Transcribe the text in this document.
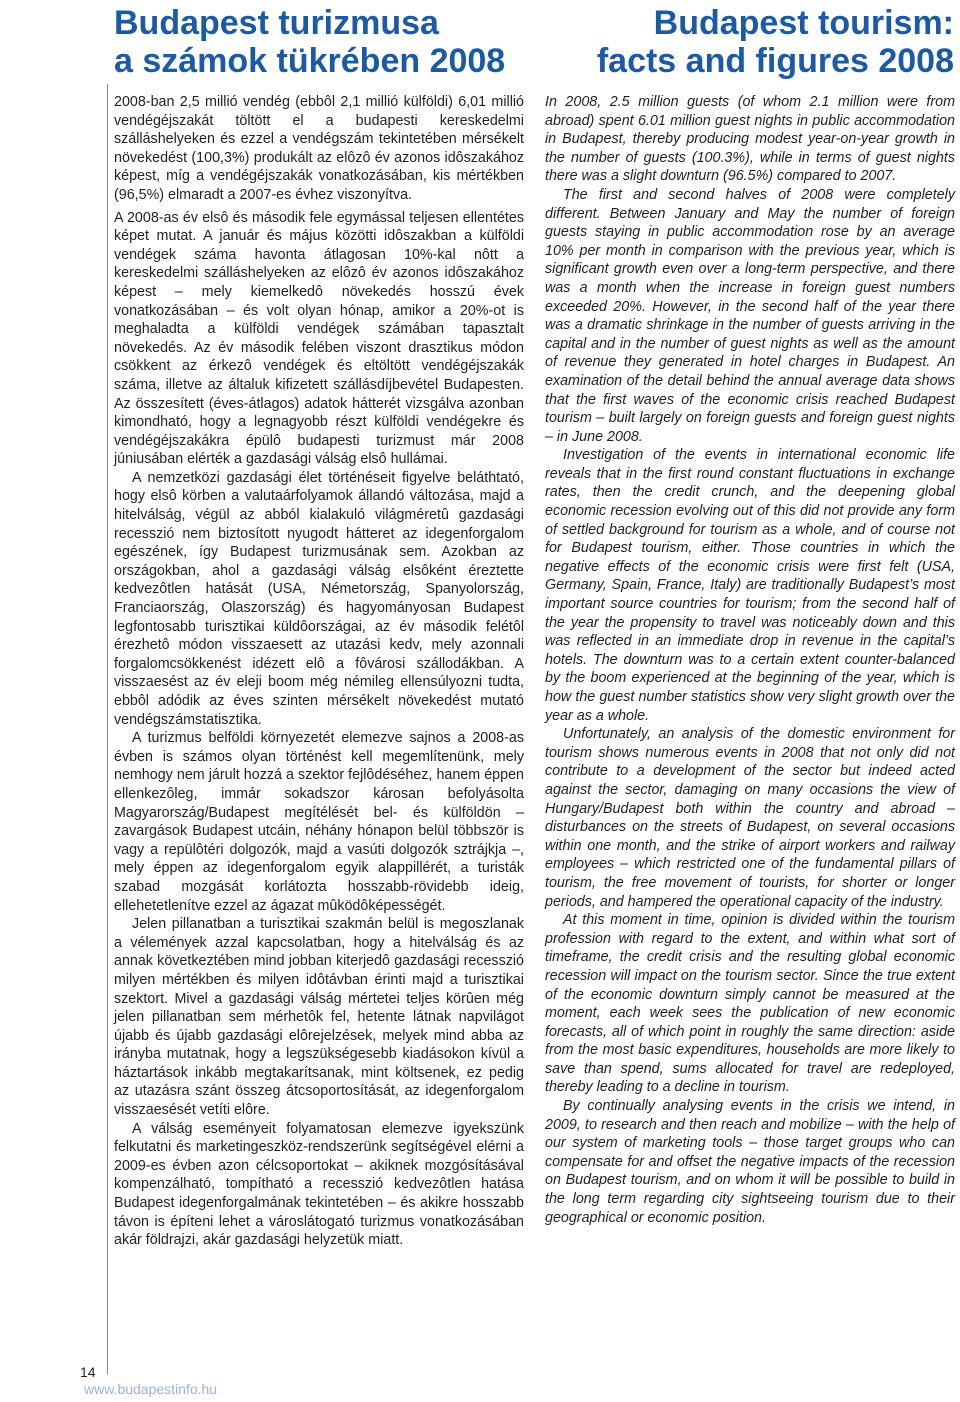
14
www.budapestinfo.hu
Budapest turizmusa
a számok tükrében 2008
Budapest tourism:
facts and figures 2008

2008-ban 2,5 millió vendég (ebbôl 2,1 millió külföldi) 6,01 millió vendégéjszakát töltött el a budapesti kereskedelmi szálláshelyeken és ezzel a vendégszám tekintetében mérsékelt növekedést (100,3%) produkált az elôzô év azonos idôszakához képest, míg a vendégéjszakák vonatkozásában, kis mértékben (96,5%) elmaradt a 2007-es évhez viszonyítva.

A 2008-as év elsô és második fele egymással teljesen ellentétes képet mutat. A január és május közötti idôszakban a külföldi vendégek száma havonta átlagosan 10%-kal nôtt a kereskedelmi szálláshelyeken az elôzô év azonos idôszakához képest – mely kiemelkedô növekedés hosszú évek vonatkozásában – és volt olyan hónap, amikor a 20%-ot is meghaladta a külföldi vendégek számában tapasztalt növekedés. Az év második felében viszont drasztikus módon csökkent az érkezô vendégek és eltöltött vendégéjszakák száma, illetve az általuk kifizetett szállásdíjbevétel Budapesten. Az összesített (éves-átlagos) adatok hátterét vizsgálva azonban kimondható, hogy a legnagyobb részt külföldi vendégekre és vendégéjszakákra épülô budapesti turizmust már 2008 júniusában elérték a gazdasági válság elsô hullámai.

A nemzetközi gazdasági élet történéseit figyelve beláthtató, hogy elsô körben a valutaárfolyamok állandó változása, majd a hitelválság, végül az abból kialakuló világméretû gazdasági recesszió nem biztosított nyugodt hátteret az idegenforgalom egészének, így Budapest turizmusának sem. Azokban az országokban, ahol a gazdasági válság elsôként éreztette kedvezôtlen hatását (USA, Németország, Spanyolország, Franciaország, Olaszország) és hagyományosan Budapest legfontosabb turisztikai küldôországai, az év második felétôl érezhetô módon visszaesett az utazási kedv, mely azonnali forgalomcsökkenést idézett elô a fôvárosi szállodákban. A visszaesést az év eleji boom még némileg ellensúlyozni tudta, ebbôl adódik az éves szinten mérsékelt növekedést mutató vendégszámstatisztika.

A turizmus belföldi környezetét elemezve sajnos a 2008-as évben is számos olyan történést kell megemlítenünk, mely nemhogy nem járult hozzá a szektor fejlôdéséhez, hanem éppen ellenkezôleg, immár sokadszor károsan befolyásolta Magyarország/Budapest megítélését bel- és külföldön – zavargások Budapest utcáin, néhány hónapon belül többször is vagy a repülôtéri dolgozók, majd a vasúti dolgozók sztrájkja –, mely éppen az idegenforgalom egyik alappillérét, a turisták szabad mozgását korlátozta hosszabb-rövidebb ideig, ellehetetlenítve ezzel az ágazat mûködôképességét.

Jelen pillanatban a turisztikai szakmán belül is megoszlanak a vélemények azzal kapcsolatban, hogy a hitelválság és az annak következtében mind jobban kiterjedô gazdasági recesszió milyen mértékben és milyen idôtávban érinti majd a turisztikai szektort. Mivel a gazdasági válság mértetei teljes körûen még jelen pillanatban sem mérhetôk fel, hetente látnak napvilágot újabb és újabb gazdasági elôrejelzések, melyek mind abba az irányba mutatnak, hogy a legszükségesebb kiadásokon kívül a háztartások inkább megtakarítsanak, mint költsenek, ez pedig az utazásra szánt összeg átcsoportosítását, az idegenforgalom visszaesését vetíti elôre.

A válság eseményeit folyamatosan elemezve igyekszünk felkutatni és marketingeszköz-rendszerünk segítségével elérni a 2009-es évben azon célcsoportokat – akiknek mozgósításával kompenzálható, tompítható a recesszió kedvezôtlen hatása Budapest idegenforgalmának tekintetében – és akikre hosszabb távon is építeni lehet a városlátogató turizmus vonatkozásában akár földrajzi, akár gazdasági helyzetük miatt.

In 2008, 2.5 million guests (of whom 2.1 million were from abroad) spent 6.01 million guest nights in public accommodation in Budapest, thereby producing modest year-on-year growth in the number of guests (100.3%), while in terms of guest nights there was a slight downturn (96.5%) compared to 2007.

The first and second halves of 2008 were completely different. Between January and May the number of foreign guests staying in public accommodation rose by an average 10% per month in comparison with the previous year, which is significant growth even over a long-term perspective, and there was a month when the increase in foreign guest numbers exceeded 20%. However, in the second half of the year there was a dramatic shrinkage in the number of guests arriving in the capital and in the number of guest nights as well as the amount of revenue they generated in hotel charges in Budapest. An examination of the detail behind the annual average data shows that the first waves of the economic crisis reached Budapest tourism – built largely on foreign guests and foreign guest nights – in June 2008.

Investigation of the events in international economic life reveals that in the first round constant fluctuations in exchange rates, then the credit crunch, and the deepening global economic recession evolving out of this did not provide any form of settled background for tourism as a whole, and of course not for Budapest tourism, either. Those countries in which the negative effects of the economic crisis were first felt (USA, Germany, Spain, France, Italy) are traditionally Budapest’s most important source countries for tourism; from the second half of the year the propensity to travel was noticeably down and this was reflected in an immediate drop in revenue in the capital’s hotels. The downturn was to a certain extent counter-balanced by the boom experienced at the beginning of the year, which is how the guest number statistics show very slight growth over the year as a whole.

Unfortunately, an analysis of the domestic environment for tourism shows numerous events in 2008 that not only did not contribute to a development of the sector but indeed acted against the sector, damaging on many occasions the view of Hungary/Budapest both within the country and abroad – disturbances on the streets of Budapest, on several occasions within one month, and the strike of airport workers and railway employees – which restricted one of the fundamental pillars of tourism, the free movement of tourists, for shorter or longer periods, and hampered the operational capacity of the industry.

At this moment in time, opinion is divided within the tourism profession with regard to the extent, and within what sort of timeframe, the credit crisis and the resulting global economic recession will impact on the tourism sector. Since the true extent of the economic downturn simply cannot be measured at the moment, each week sees the publication of new economic forecasts, all of which point in roughly the same direction: aside from the most basic expenditures, households are more likely to save than spend, sums allocated for travel are redeployed, thereby leading to a decline in tourism.

By continually analysing events in the crisis we intend, in 2009, to research and then reach and mobilize – with the help of our system of marketing tools – those target groups who can compensate for and offset the negative impacts of the recession on Budapest tourism, and on whom it will be possible to build in the long term regarding city sightseeing tourism due to their geographical or economic position.
